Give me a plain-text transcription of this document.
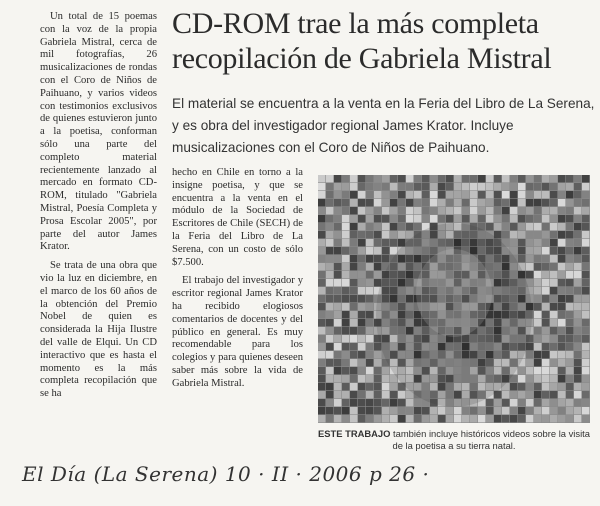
Un total de 15 poemas con la voz de la propia Gabriela Mistral, cerca de mil fotografías, 26 musicalizaciones de rondas con el Coro de Niños de Paihuano, y varios videos con testimonios exclusivos de quienes estuvieron junto a la poetisa, conforman sólo una parte del completo material recientemente lanzado al mercado en formato CD-ROM, titulado "Gabriela Mistral, Poesía Completa y Prosa Escolar 2005", por parte del autor James Krator.

Se trata de una obra que vio la luz en diciembre, en el marco de los 60 años de la obtención del Premio Nobel de quien es considerada la Hija Ilustre del valle de Elqui. Un CD interactivo que es hasta el momento es la más completa recopilación que se ha

CD-ROM trae la más completa
recopilación de Gabriela Mistral

El material se encuentra a la venta en la Feria del Libro de La Serena, y es obra del investigador regional James Krator. Incluye musicalizaciones con el Coro de Niños de Paihuano.

hecho en Chile en torno a la insigne poetisa, y que se encuentra a la venta en el módulo de la Sociedad de Escritores de Chile (SECH) de la Feria del Libro de La Serena, con un costo de sólo $7.500.

El trabajo del investigador y escritor regional James Krator ha recibido elogiosos comentarios de docentes y del público en general. Es muy recomendable para los colegios y para quienes deseen saber más sobre la vida de Gabriela Mistral.

ESTE TRABAJO también incluye históricos videos sobre la visita de la poetisa a su tierra natal.
El Día (La Serena) 10 · II · 2006 p 26 ·
